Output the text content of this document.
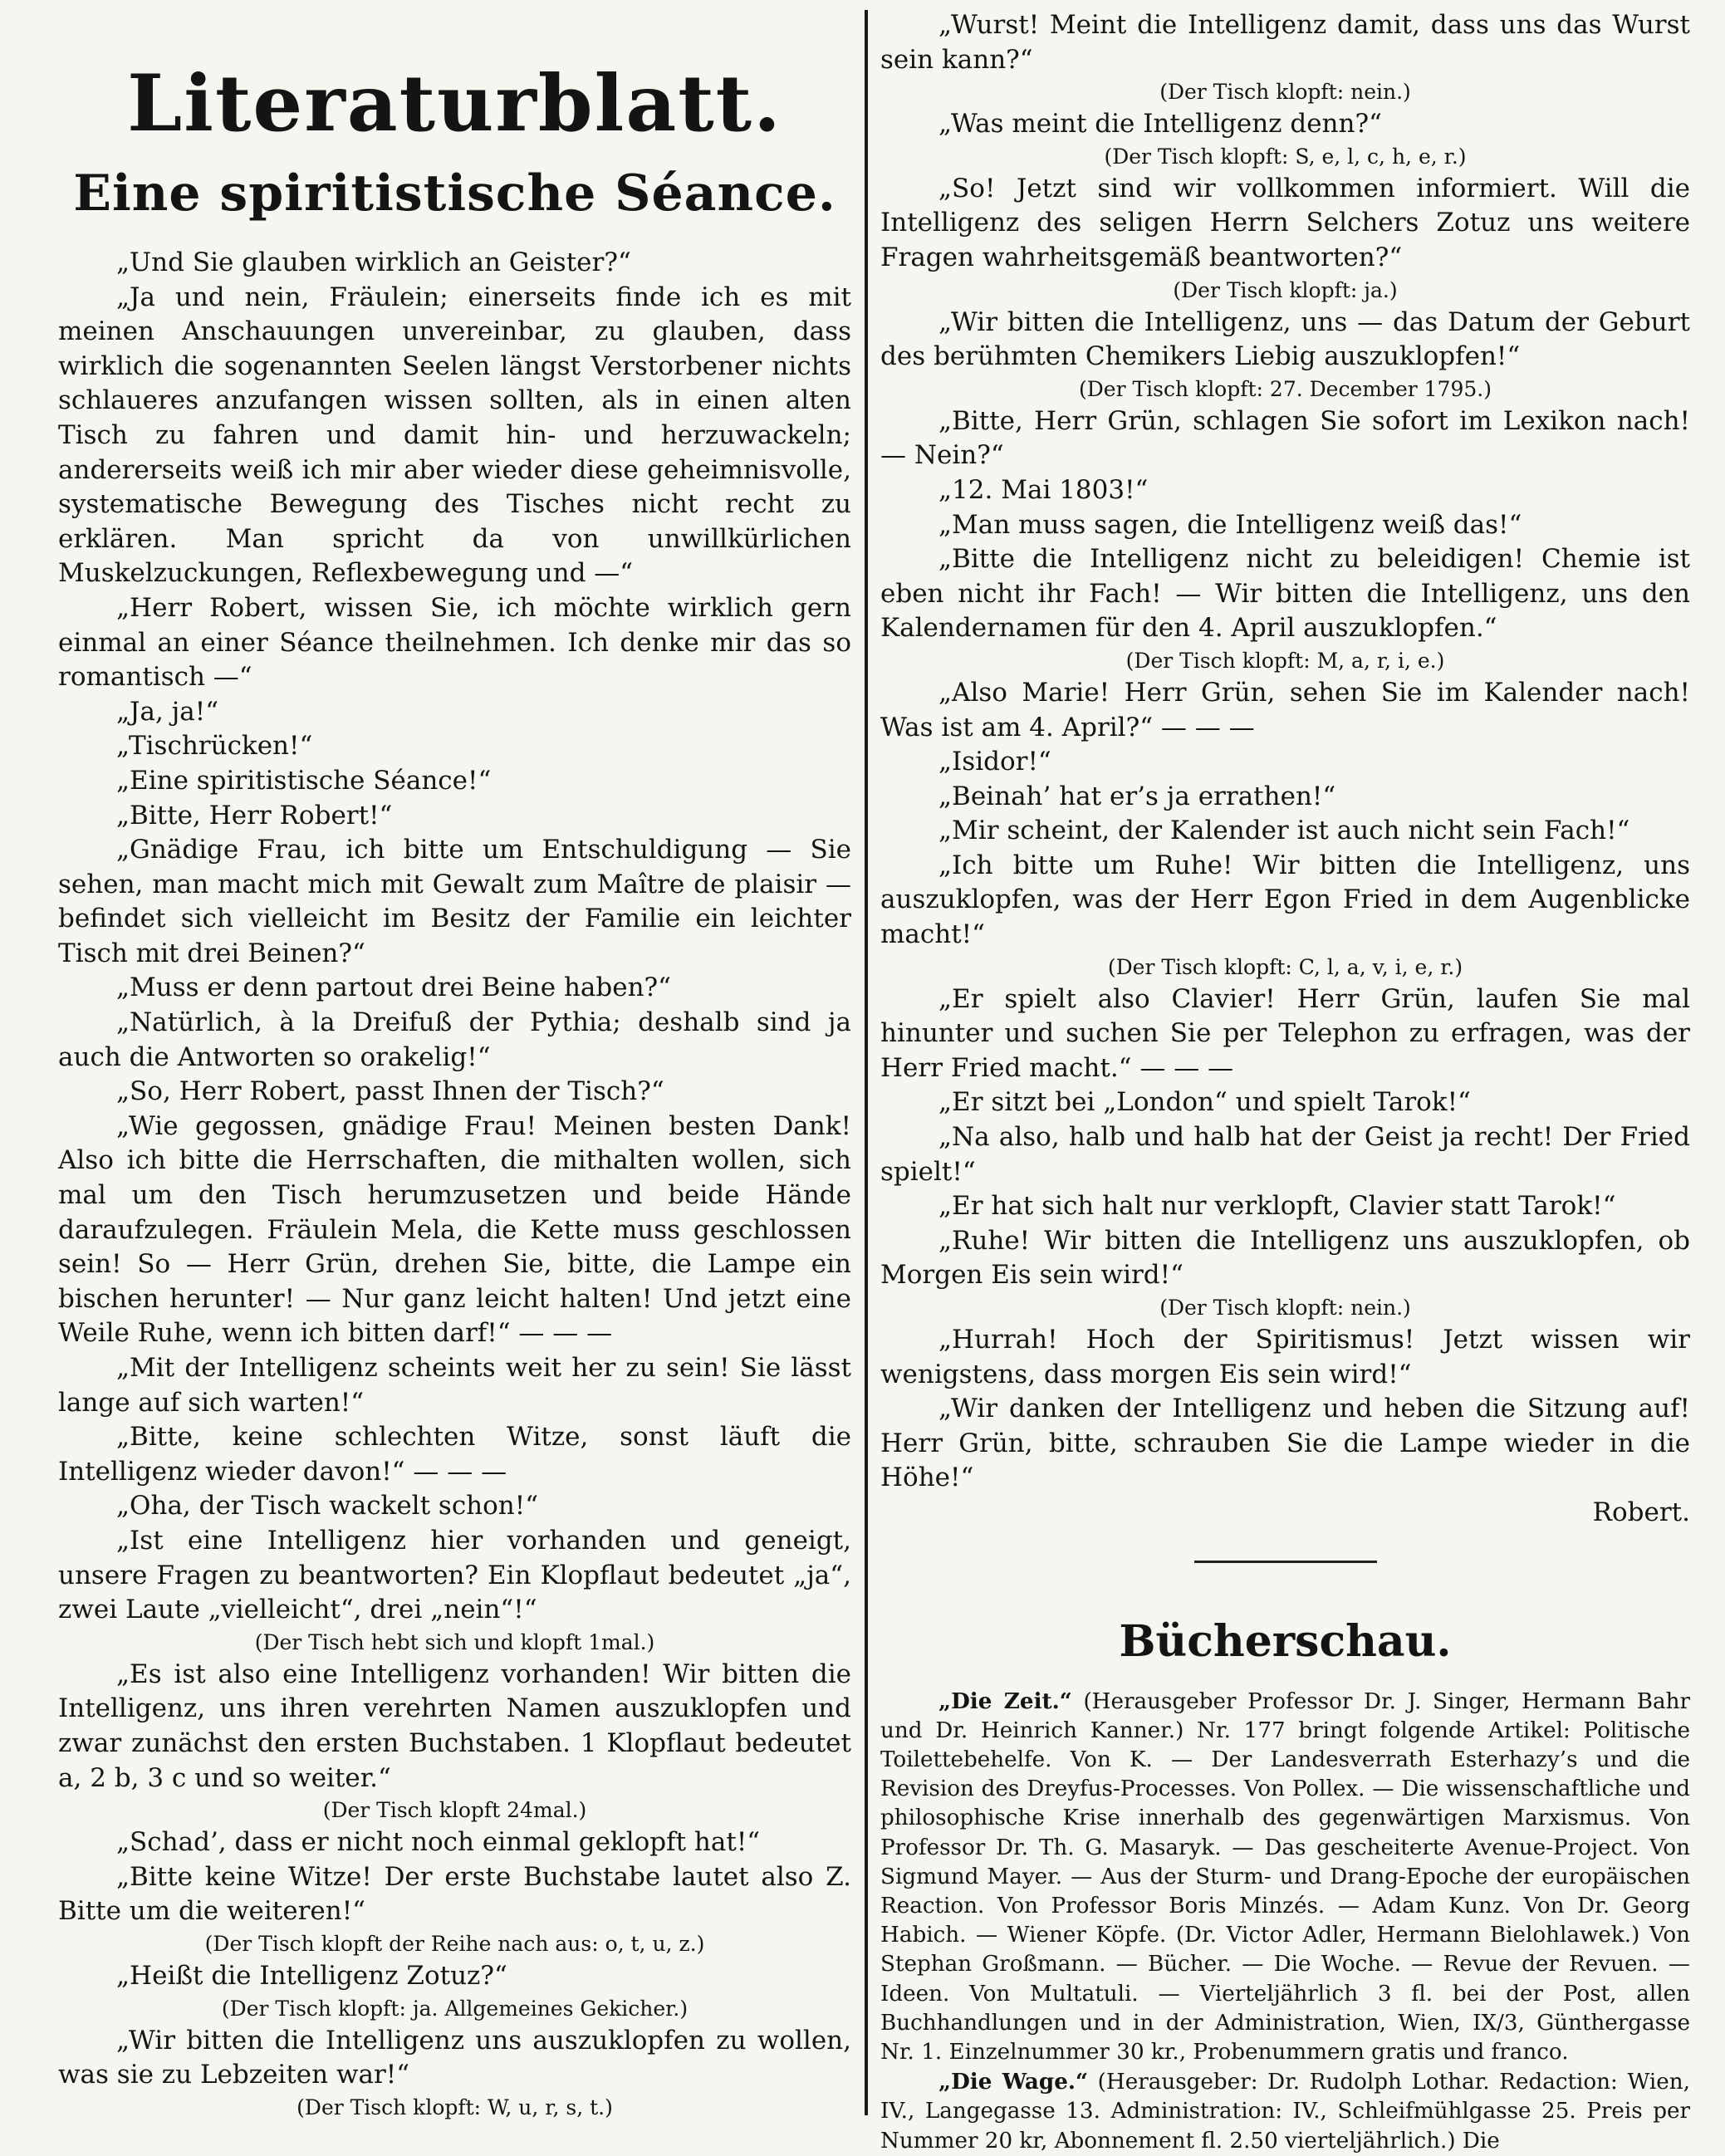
Literaturblatt.
Eine spiritistische Séance.

„Und Sie glauben wirklich an Geister?“

„Ja und nein, Fräulein; einerseits finde ich es mit meinen Anschauungen unvereinbar, zu glauben, dass wirklich die sogenannten Seelen längst Verstorbener nichts schlaueres anzufangen wissen sollten, als in einen alten Tisch zu fahren und damit hin- und herzuwackeln; andererseits weiß ich mir aber wieder diese geheimnisvolle, systematische Bewegung des Tisches nicht recht zu erklären. Man spricht da von unwillkürlichen Muskelzuckungen, Reflexbewegung und —“

„Herr Robert, wissen Sie, ich möchte wirklich gern einmal an einer Séance theilnehmen. Ich denke mir das so romantisch —“

„Ja, ja!“

„Tischrücken!“

„Eine spiritistische Séance!“

„Bitte, Herr Robert!“

„Gnädige Frau, ich bitte um Entschuldigung — Sie sehen, man macht mich mit Gewalt zum Maître de plaisir — befindet sich vielleicht im Besitz der Familie ein leichter Tisch mit drei Beinen?“

„Muss er denn partout drei Beine haben?“

„Natürlich, à la Dreifuß der Pythia; deshalb sind ja auch die Antworten so orakelig!“

„So, Herr Robert, passt Ihnen der Tisch?“

„Wie gegossen, gnädige Frau! Meinen besten Dank! Also ich bitte die Herrschaften, die mithalten wollen, sich mal um den Tisch herumzusetzen und beide Hände daraufzulegen. Fräulein Mela, die Kette muss geschlossen sein! So — Herr Grün, drehen Sie, bitte, die Lampe ein bischen herunter! — Nur ganz leicht halten! Und jetzt eine Weile Ruhe, wenn ich bitten darf!“ — — —

„Mit der Intelligenz scheints weit her zu sein! Sie lässt lange auf sich warten!“

„Bitte, keine schlechten Witze, sonst läuft die Intelligenz wieder davon!“ — — —

„Oha, der Tisch wackelt schon!“

„Ist eine Intelligenz hier vorhanden und geneigt, unsere Fragen zu beantworten? Ein Klopflaut bedeutet „ja“, zwei Laute „vielleicht“, drei „nein“!“

(Der Tisch hebt sich und klopft 1mal.)

„Es ist also eine Intelligenz vorhanden! Wir bitten die Intelligenz, uns ihren verehrten Namen auszuklopfen und zwar zunächst den ersten Buchstaben. 1 Klopflaut bedeutet a, 2 b, 3 c und so weiter.“

(Der Tisch klopft 24mal.)

„Schad’, dass er nicht noch einmal geklopft hat!“

„Bitte keine Witze! Der erste Buchstabe lautet also Z. Bitte um die weiteren!“

(Der Tisch klopft der Reihe nach aus: o, t, u, z.)

„Heißt die Intelligenz Zotuz?“

(Der Tisch klopft: ja. Allgemeines Gekicher.)

„Wir bitten die Intelligenz uns auszuklopfen zu wollen, was sie zu Lebzeiten war!“

(Der Tisch klopft: W, u, r, s, t.)

„Wurst! Meint die Intelligenz damit, dass uns das Wurst sein kann?“

(Der Tisch klopft: nein.)

„Was meint die Intelligenz denn?“

(Der Tisch klopft: S, e, l, c, h, e, r.)

„So! Jetzt sind wir vollkommen informiert. Will die Intelligenz des seligen Herrn Selchers Zotuz uns weitere Fragen wahrheitsgemäß beantworten?“

(Der Tisch klopft: ja.)

„Wir bitten die Intelligenz, uns — das Datum der Geburt des berühmten Chemikers Liebig auszuklopfen!“

(Der Tisch klopft: 27. December 1795.)

„Bitte, Herr Grün, schlagen Sie sofort im Lexikon nach! — Nein?“

„12. Mai 1803!“

„Man muss sagen, die Intelligenz weiß das!“

„Bitte die Intelligenz nicht zu beleidigen! Chemie ist eben nicht ihr Fach! — Wir bitten die Intelligenz, uns den Kalendernamen für den 4. April auszuklopfen.“

(Der Tisch klopft: M, a, r, i, e.)

„Also Marie! Herr Grün, sehen Sie im Kalender nach! Was ist am 4. April?“ — — —

„Isidor!“

„Beinah’ hat er’s ja errathen!“

„Mir scheint, der Kalender ist auch nicht sein Fach!“

„Ich bitte um Ruhe! Wir bitten die Intelligenz, uns auszuklopfen, was der Herr Egon Fried in dem Augenblicke macht!“

(Der Tisch klopft: C, l, a, v, i, e, r.)

„Er spielt also Clavier! Herr Grün, laufen Sie mal hinunter und suchen Sie per Telephon zu erfragen, was der Herr Fried macht.“ — — —

„Er sitzt bei „London“ und spielt Tarok!“

„Na also, halb und halb hat der Geist ja recht! Der Fried spielt!“

„Er hat sich halt nur verklopft, Clavier statt Tarok!“

„Ruhe! Wir bitten die Intelligenz uns auszuklopfen, ob Morgen Eis sein wird!“

(Der Tisch klopft: nein.)

„Hurrah! Hoch der Spiritismus! Jetzt wissen wir wenigstens, dass morgen Eis sein wird!“

„Wir danken der Intelligenz und heben die Sitzung auf! Herr Grün, bitte, schrauben Sie die Lampe wieder in die Höhe!“

Robert.

Bücherschau.

„Die Zeit.“ (Herausgeber Professor Dr. J. Singer, Hermann Bahr und Dr. Heinrich Kanner.) Nr. 177 bringt folgende Artikel: Politische Toilettebehelfe. Von K. — Der Landesverrath Esterhazy’s und die Revision des Dreyfus-Processes. Von Pollex. — Die wissenschaftliche und philosophische Krise innerhalb des gegenwärtigen Marxismus. Von Professor Dr. Th. G. Masaryk. — Das gescheiterte Avenue-Project. Von Sigmund Mayer. — Aus der Sturm- und Drang-Epoche der europäischen Reaction. Von Professor Boris Minzés. — Adam Kunz. Von Dr. Georg Habich. — Wiener Köpfe. (Dr. Victor Adler, Hermann Bielohlawek.) Von Stephan Großmann. — Bücher. — Die Woche. — Revue der Revuen. — Ideen. Von Multatuli. — Vierteljährlich 3 fl. bei der Post, allen Buchhandlungen und in der Administration, Wien, IX/3, Günthergasse Nr. 1. Einzelnummer 30 kr., Probenummern gratis und franco.

„Die Wage.“ (Herausgeber: Dr. Rudolph Lothar. Redaction: Wien, IV., Langegasse 13. Administration: IV., Schleifmühlgasse 25. Preis per Nummer 20 kr, Abonnement fl. 2.50 vierteljährlich.) Die
